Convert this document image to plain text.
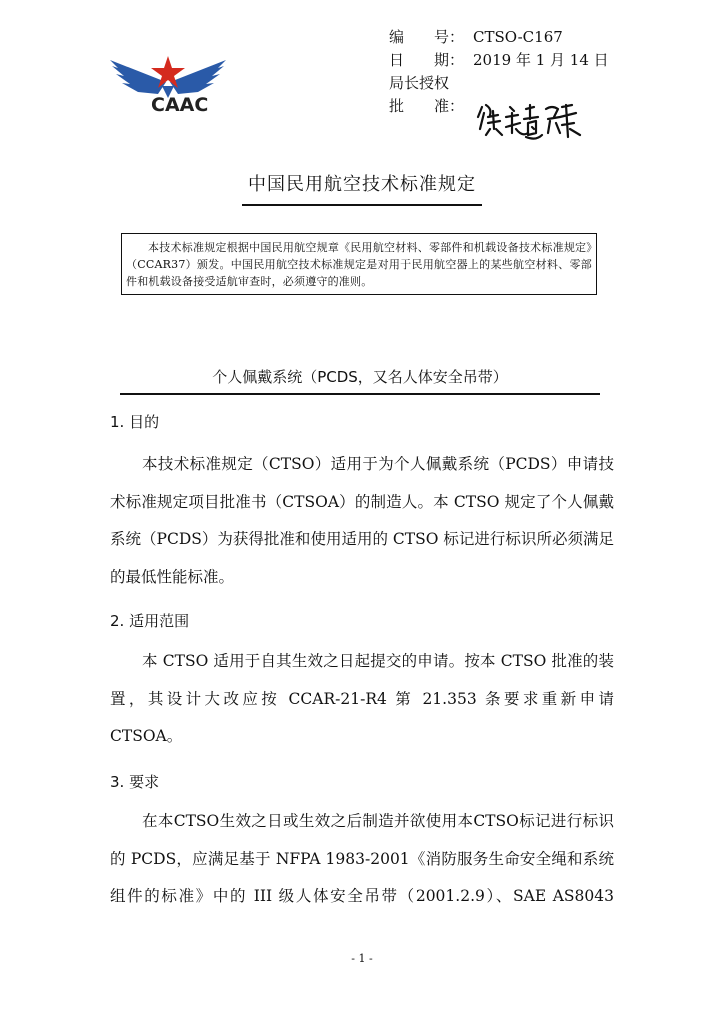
CAAC
编　　号： CTSO-C167
日　　期： 2019 年 1 月 14 日
局长授权
批　　准：
中国民用航空技术标准规定

本技术标准规定根据中国民用航空规章《民用航空材料、零部件和机载设备技术标准规定》（CCAR37）颁发。中国民用航空技术标准规定是对用于民用航空器上的某些航空材料、零部件和机载设备接受适航审查时，必须遵守的准则。

个人佩戴系统（PCDS，又名人体安全吊带）
1. 目的

本技术标准规定（CTSO）适用于为个人佩戴系统（PCDS）申请技术标准规定项目批准书（CTSOA）的制造人。本 CTSO 规定了个人佩戴系统（PCDS）为获得批准和使用适用的 CTSO 标记进行标识所必须满足的最低性能标准。

2. 适用范围

本 CTSO 适用于自其生效之日起提交的申请。按本 CTSO 批准的装置，其设计大改应按 CCAR-21-R4 第 21.353 条要求重新申请CTSOA。

3. 要求

在本CTSO生效之日或生效之后制造并欲使用本CTSO标记进行标识的 PCDS，应满足基于 NFPA 1983-2001《消防服务生命安全绳和系统组件的标准》中的 III 级人体安全吊带（2001.2.9）、SAE AS8043

- 1 -
